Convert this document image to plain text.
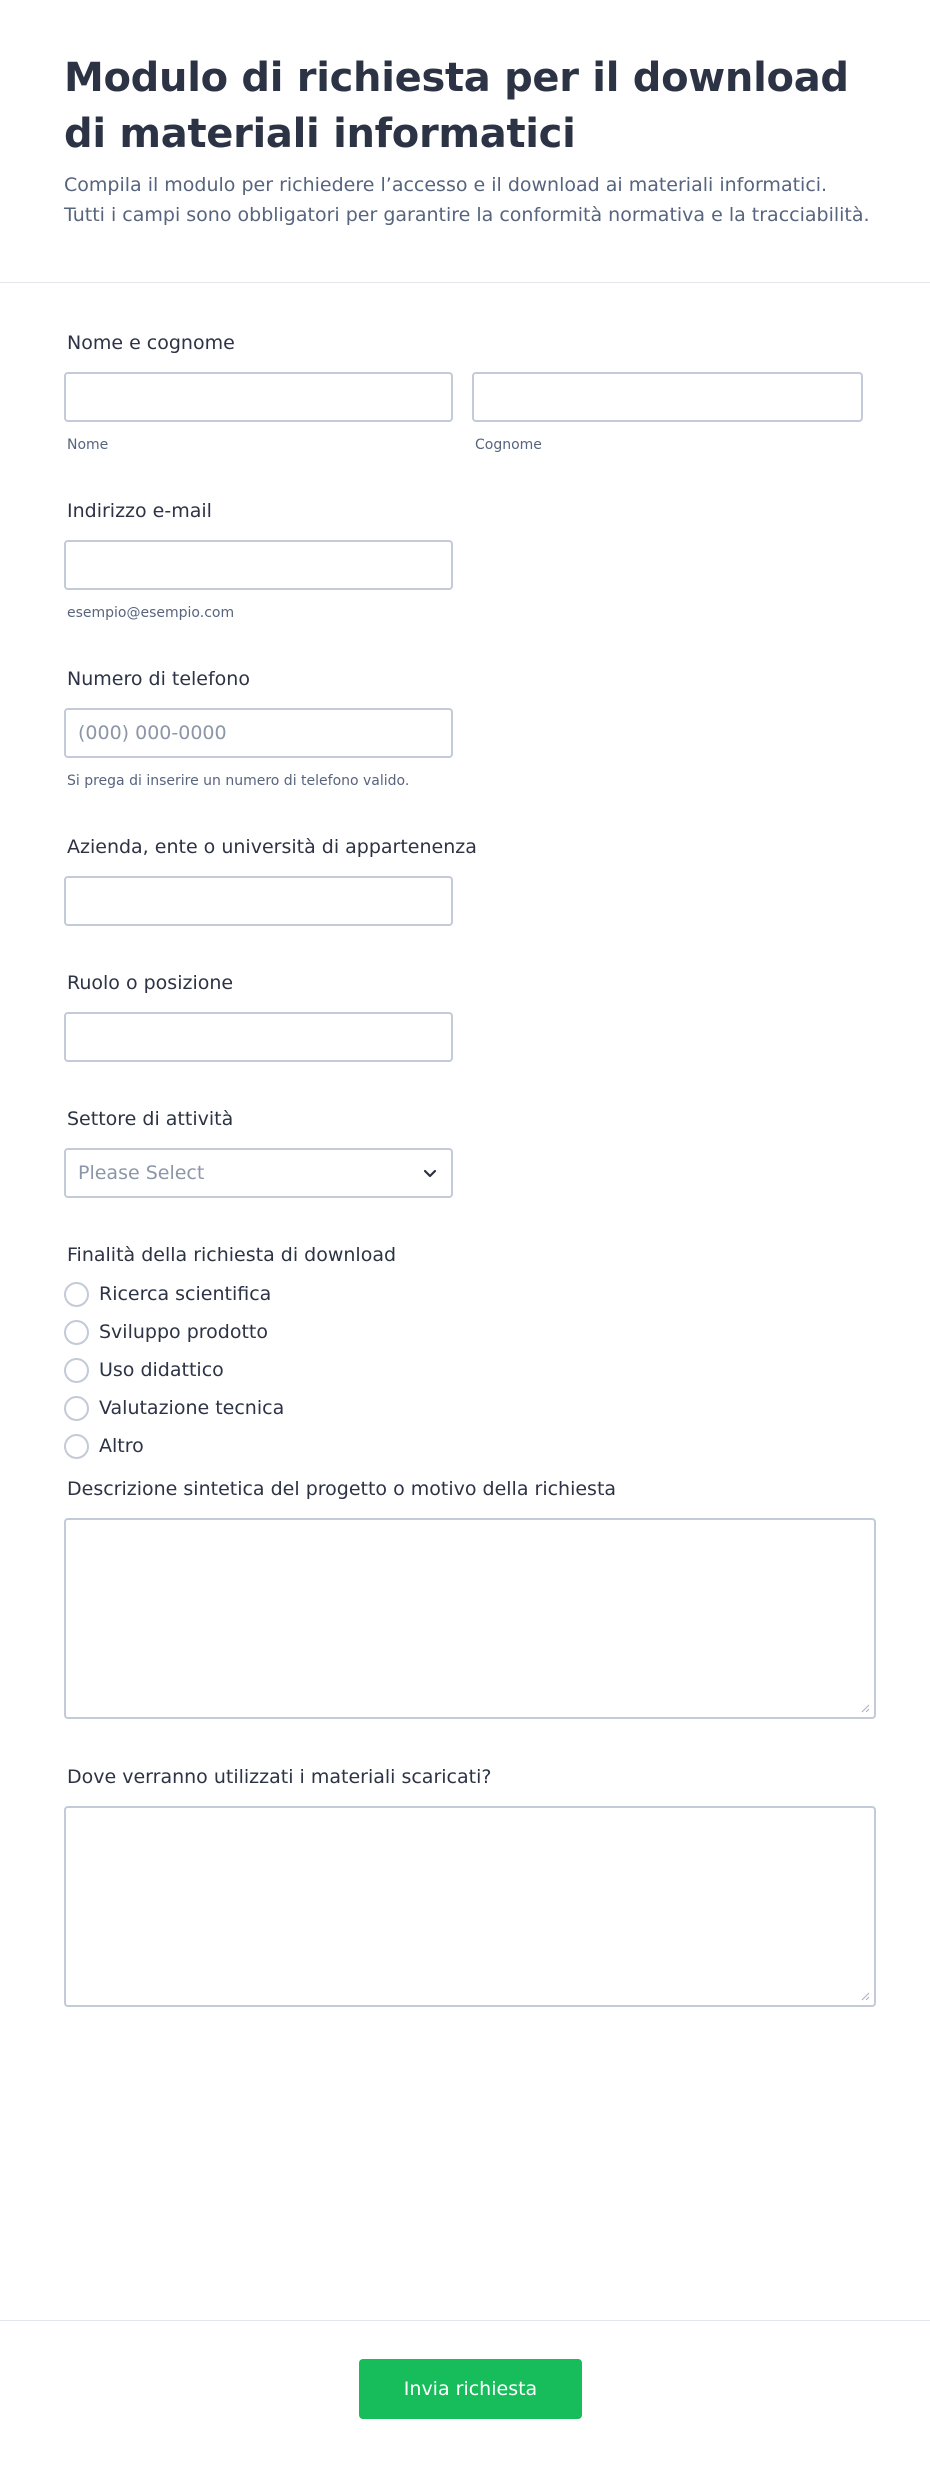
Modulo di richiesta per il download di materiali informatici

Compila il modulo per richiedere l’accesso e il download ai materiali informatici. Tutti i campi sono obbligatori per garantire la conformità normativa e la tracciabilità.

Nome e cognome
Nome	Cognome
Indirizzo e-mail
esempio@esempio.com
Numero di telefono
(000) 000-0000
Si prega di inserire un numero di telefono valido.
Azienda, ente o università di appartenenza
Ruolo o posizione
Settore di attività
Please Select
Finalità della richiesta di download
Ricerca scientifica
Sviluppo prodotto
Uso didattico
Valutazione tecnica
Altro
Descrizione sintetica del progetto o motivo della richiesta
Dove verranno utilizzati i materiali scaricati?
Invia richiesta
